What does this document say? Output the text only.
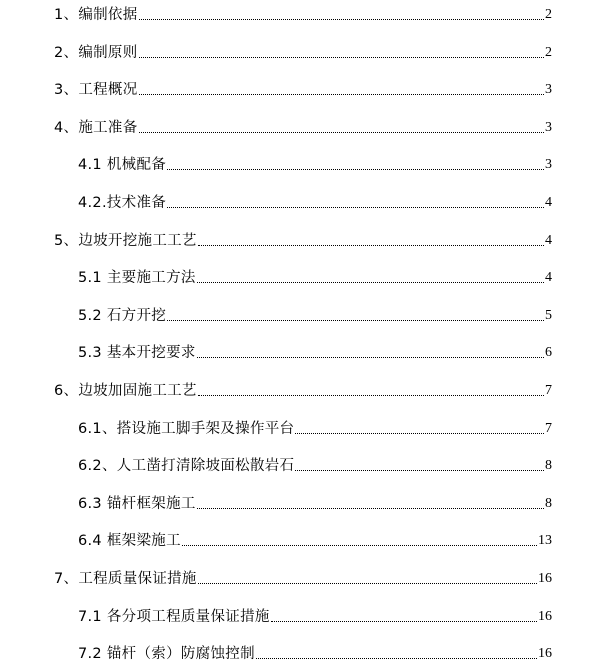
1、编制依据	2
2、编制原则	2
3、工程概况	3
4、施工准备	3
4.1 机械配备	3
4.2.技术准备	4
5、边坡开挖施工工艺	4
5.1 主要施工方法	4
5.2 石方开挖	5
5.3 基本开挖要求	6
6、边坡加固施工工艺	7
6.1、搭设施工脚手架及操作平台	7
6.2、人工凿打清除坡面松散岩石	8
6.3 锚杆框架施工	8
6.4 框架梁施工	13
7、工程质量保证措施	16
7.1 各分项工程质量保证措施	16
7.2 锚杆（索）防腐蚀控制	16
